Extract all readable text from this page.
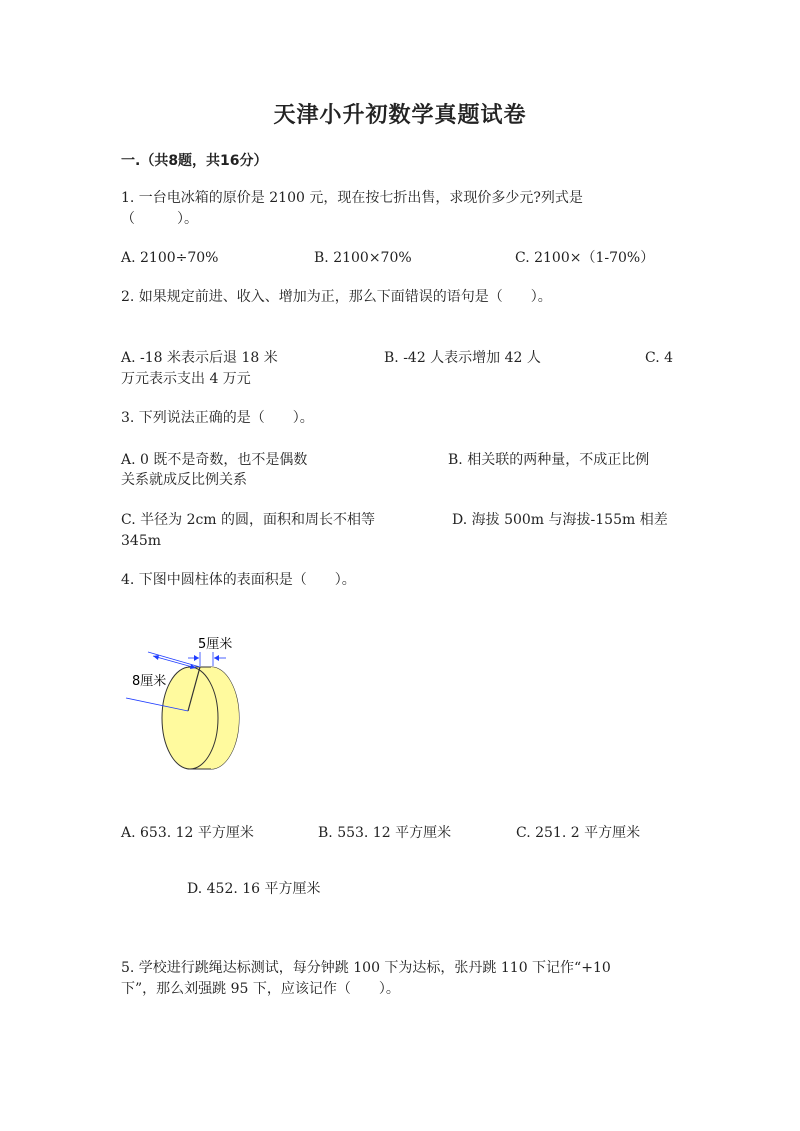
天津小升初数学真题试卷
一.（共8题，共16分）
1. 一台电冰箱的原价是 2100 元，现在按七折出售，求现价多少元?列式是
（　　　）。
A. 2100÷70%	B. 2100×70%	C. 2100×（1-70%）
2. 如果规定前进、收入、增加为正，那么下面错误的语句是（　　）。
A. -18 米表示后退 18 米	B. -42 人表示增加 42 人	C. 4
万元表示支出 4 万元
3. 下列说法正确的是（　　）。
A. 0 既不是奇数，也不是偶数	B. 相关联的两种量，不成正比例
关系就成反比例关系
C. 半径为 2cm 的圆，面积和周长不相等	D. 海拔 500m 与海拔-155m 相差
345m
4. 下图中圆柱体的表面积是（　　）。
5厘米
8厘米
A. 653. 12 平方厘米	B. 553. 12 平方厘米	C. 251. 2 平方厘米
D. 452. 16 平方厘米
5. 学校进行跳绳达标测试，每分钟跳 100 下为达标，张丹跳 110 下记作“+10
下”，那么刘强跳 95 下，应该记作（　　）。
